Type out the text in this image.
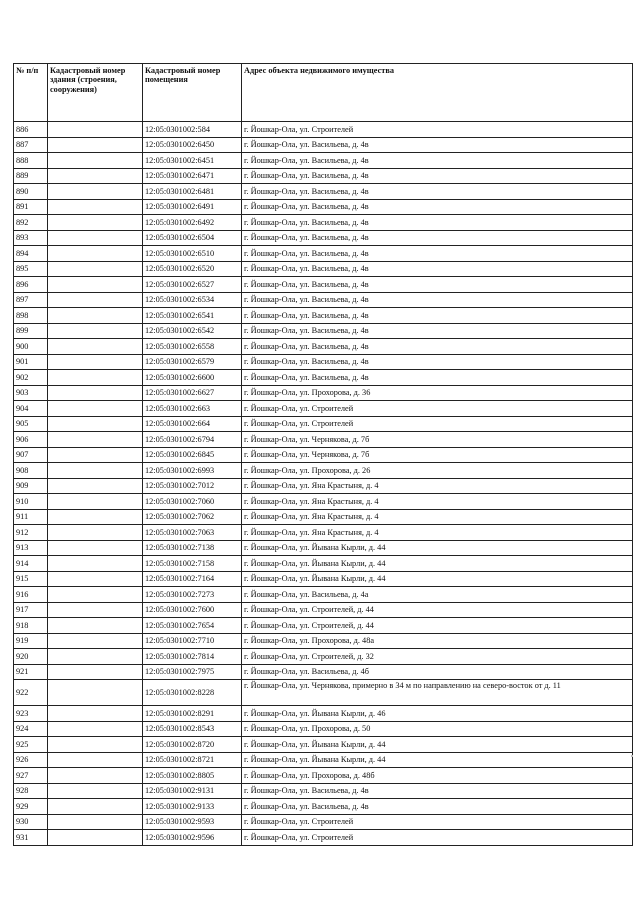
№ п/п	Кадастровый номер здания (строения, сооружения)	Кадастровый номер помещения	Адрес объекта недвижимого имущества
886		12:05:0301002:584	г. Йошкар-Ола, ул. Строителей
887		12:05:0301002:6450	г. Йошкар-Ола, ул. Васильева, д. 4в
888		12:05:0301002:6451	г. Йошкар-Ола, ул. Васильева, д. 4в
889		12:05:0301002:6471	г. Йошкар-Ола, ул. Васильева, д. 4в
890		12:05:0301002:6481	г. Йошкар-Ола, ул. Васильева, д. 4в
891		12:05:0301002:6491	г. Йошкар-Ола, ул. Васильева, д. 4в
892		12:05:0301002:6492	г. Йошкар-Ола, ул. Васильева, д. 4в
893		12:05:0301002:6504	г. Йошкар-Ола, ул. Васильева, д. 4в
894		12:05:0301002:6510	г. Йошкар-Ола, ул. Васильева, д. 4в
895		12:05:0301002:6520	г. Йошкар-Ола, ул. Васильева, д. 4в
896		12:05:0301002:6527	г. Йошкар-Ола, ул. Васильева, д. 4в
897		12:05:0301002:6534	г. Йошкар-Ола, ул. Васильева, д. 4в
898		12:05:0301002:6541	г. Йошкар-Ола, ул. Васильева, д. 4в
899		12:05:0301002:6542	г. Йошкар-Ола, ул. Васильева, д. 4в
900		12:05:0301002:6558	г. Йошкар-Ола, ул. Васильева, д. 4в
901		12:05:0301002:6579	г. Йошкар-Ола, ул. Васильева, д. 4в
902		12:05:0301002:6600	г. Йошкар-Ола, ул. Васильева, д. 4в
903		12:05:0301002:6627	г. Йошкар-Ола, ул. Прохорова, д. 36
904		12:05:0301002:663	г. Йошкар-Ола, ул. Строителей
905		12:05:0301002:664	г. Йошкар-Ола, ул. Строителей
906		12:05:0301002:6794	г. Йошкар-Ола, ул. Чернякова, д. 7б
907		12:05:0301002:6845	г. Йошкар-Ола, ул. Чернякова, д. 7б
908		12:05:0301002:6993	г. Йошкар-Ола, ул. Прохорова, д. 26
909		12:05:0301002:7012	г. Йошкар-Ола, ул. Яна Крастыня, д. 4
910		12:05:0301002:7060	г. Йошкар-Ола, ул. Яна Крастыня, д. 4
911		12:05:0301002:7062	г. Йошкар-Ола, ул. Яна Крастыня, д. 4
912		12:05:0301002:7063	г. Йошкар-Ола, ул. Яна Крастыня, д. 4
913		12:05:0301002:7138	г. Йошкар-Ола, ул. Йывана Кырли, д. 44
914		12:05:0301002:7158	г. Йошкар-Ола, ул. Йывана Кырли, д. 44
915		12:05:0301002:7164	г. Йошкар-Ола, ул. Йывана Кырли, д. 44
916		12:05:0301002:7273	г. Йошкар-Ола, ул. Васильева, д. 4а
917		12:05:0301002:7600	г. Йошкар-Ола, ул. Строителей, д. 44
918		12:05:0301002:7654	г. Йошкар-Ола, ул. Строителей, д. 44
919		12:05:0301002:7710	г. Йошкар-Ола, ул. Прохорова, д. 48а
920		12:05:0301002:7814	г. Йошкар-Ола, ул. Строителей, д. 32
921		12:05:0301002:7975	г. Йошкар-Ола, ул. Васильева, д. 4б
922		12:05:0301002:8228	г. Йошкар-Ола, ул. Чернякова, примерно в 34 м по направлению на северо-восток от д. 11
923		12:05:0301002:8291	г. Йошкар-Ола, ул. Йывана Кырли, д. 46
924		12:05:0301002:8543	г. Йошкар-Ола, ул. Прохорова, д. 50
925		12:05:0301002:8720	г. Йошкар-Ола, ул. Йывана Кырли, д. 44
926		12:05:0301002:8721	г. Йошкар-Ола, ул. Йывана Кырли, д. 44
927		12:05:0301002:8805	г. Йошкар-Ола, ул. Прохорова, д. 48б
928		12:05:0301002:9131	г. Йошкар-Ола, ул. Васильева, д. 4в
929		12:05:0301002:9133	г. Йошкар-Ола, ул. Васильева, д. 4в
930		12:05:0301002:9593	г. Йошкар-Ола, ул. Строителей
931		12:05:0301002:9596	г. Йошкар-Ола, ул. Строителей
